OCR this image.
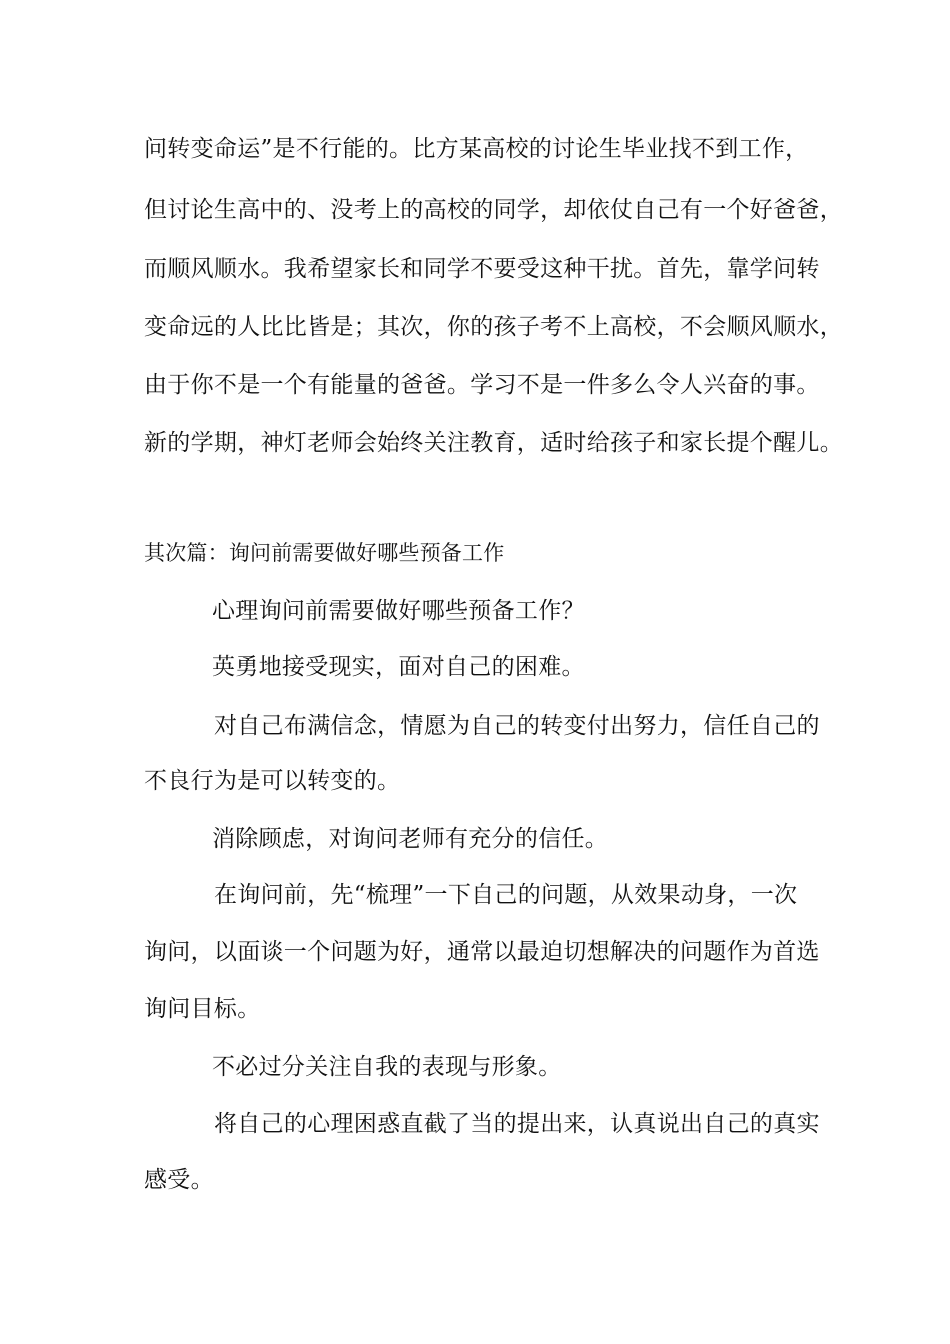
问转变命运”是不行能的。比方某高校的讨论生毕业找不到工作，
但讨论生高中的、没考上的高校的同学，却依仗自己有一个好爸爸，
而顺风顺水。我希望家长和同学不要受这种干扰。首先，靠学问转
变命远的人比比皆是；其次，你的孩子考不上高校，不会顺风顺水，
由于你不是一个有能量的爸爸。学习不是一件多么令人兴奋的事。
新的学期，神灯老师会始终关注教育，适时给孩子和家长提个醒儿。
其次篇：询问前需要做好哪些预备工作
心理询问前需要做好哪些预备工作？
英勇地接受现实，面对自己的困难。
对自己布满信念，情愿为自己的转变付出努力，信任自己的
不良行为是可以转变的。
消除顾虑，对询问老师有充分的信任。
在询问前，先“梳理”一下自己的问题，从效果动身，一次
询问，以面谈一个问题为好，通常以最迫切想解决的问题作为首选
询问目标。
不必过分关注自我的表现与形象。
将自己的心理困惑直截了当的提出来，认真说出自己的真实
感受。
